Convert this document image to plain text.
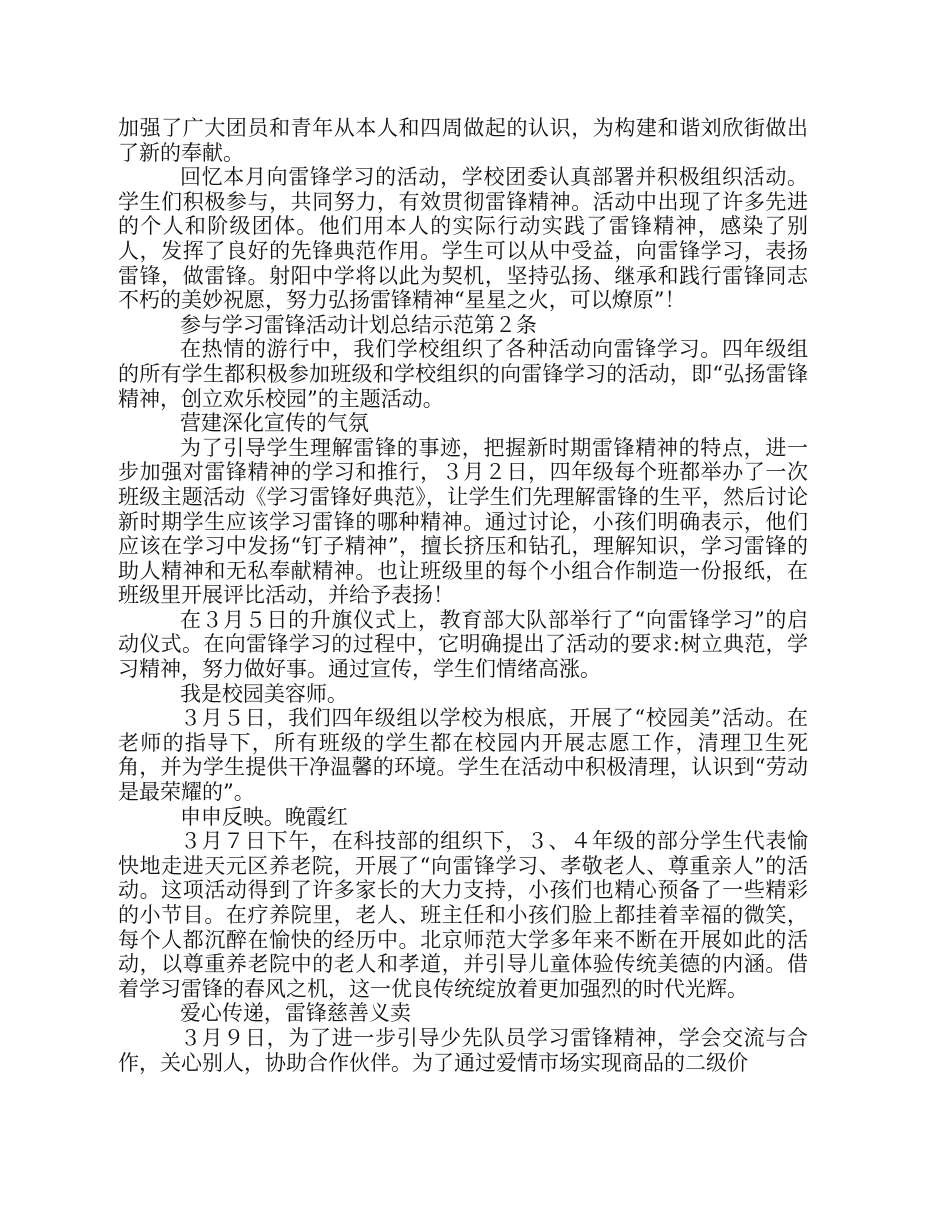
加强了广大团员和青年从本人和四周做起的认识，为构建和谐刘欣街做出了新的奉献。

回忆本月向雷锋学习的活动，学校团委认真部署并积极组织活动。学生们积极参与，共同努力，有效贯彻雷锋精神。活动中出现了许多先进的个人和阶级团体。他们用本人的实际行动实践了雷锋精神，感染了别人，发挥了良好的先锋典范作用。学生可以从中受益，向雷锋学习，表扬雷锋，做雷锋。射阳中学将以此为契机，坚持弘扬、继承和践行雷锋同志不朽的美妙祝愿，努力弘扬雷锋精神“星星之火，可以燎原”！

参与学习雷锋活动计划总结示范第２条

在热情的游行中，我们学校组织了各种活动向雷锋学习。四年级组的所有学生都积极参加班级和学校组织的向雷锋学习的活动，即“弘扬雷锋精神，创立欢乐校园”的主题活动。

营建深化宣传的气氛

为了引导学生理解雷锋的事迹，把握新时期雷锋精神的特点，进一步加强对雷锋精神的学习和推行，３月２日，四年级每个班都举办了一次班级主题活动《学习雷锋好典范》，让学生们先理解雷锋的生平，然后讨论新时期学生应该学习雷锋的哪种精神。通过讨论，小孩们明确表示，他们应该在学习中发扬“钉子精神”，擅长挤压和钻孔，理解知识，学习雷锋的助人精神和无私奉献精神。也让班级里的每个小组合作制造一份报纸，在班级里开展评比活动，并给予表扬！

在３月５日的升旗仪式上，教育部大队部举行了“向雷锋学习”的启动仪式。在向雷锋学习的过程中，它明确提出了活动的要求:树立典范，学习精神，努力做好事。通过宣传，学生们情绪高涨。

我是校园美容师。

３月５日，我们四年级组以学校为根底，开展了“校园美”活动。在老师的指导下，所有班级的学生都在校园内开展志愿工作，清理卫生死角，并为学生提供干净温馨的环境。学生在活动中积极清理，认识到“劳动是最荣耀的”。

申申反映。晚霞红

３月７日下午，在科技部的组织下，３、４年级的部分学生代表愉快地走进天元区养老院，开展了“向雷锋学习、孝敬老人、尊重亲人”的活动。这项活动得到了许多家长的大力支持，小孩们也精心预备了一些精彩的小节目。在疗养院里，老人、班主任和小孩们脸上都挂着幸福的微笑，每个人都沉醉在愉快的经历中。北京师范大学多年来不断在开展如此的活动，以尊重养老院中的老人和孝道，并引导儿童体验传统美德的内涵。借着学习雷锋的春风之机，这一优良传统绽放着更加强烈的时代光辉。

爱心传递，雷锋慈善义卖

３月９日，为了进一步引导少先队员学习雷锋精神，学会交流与合作，关心别人，协助合作伙伴。为了通过爱情市场实现商品的二级价
